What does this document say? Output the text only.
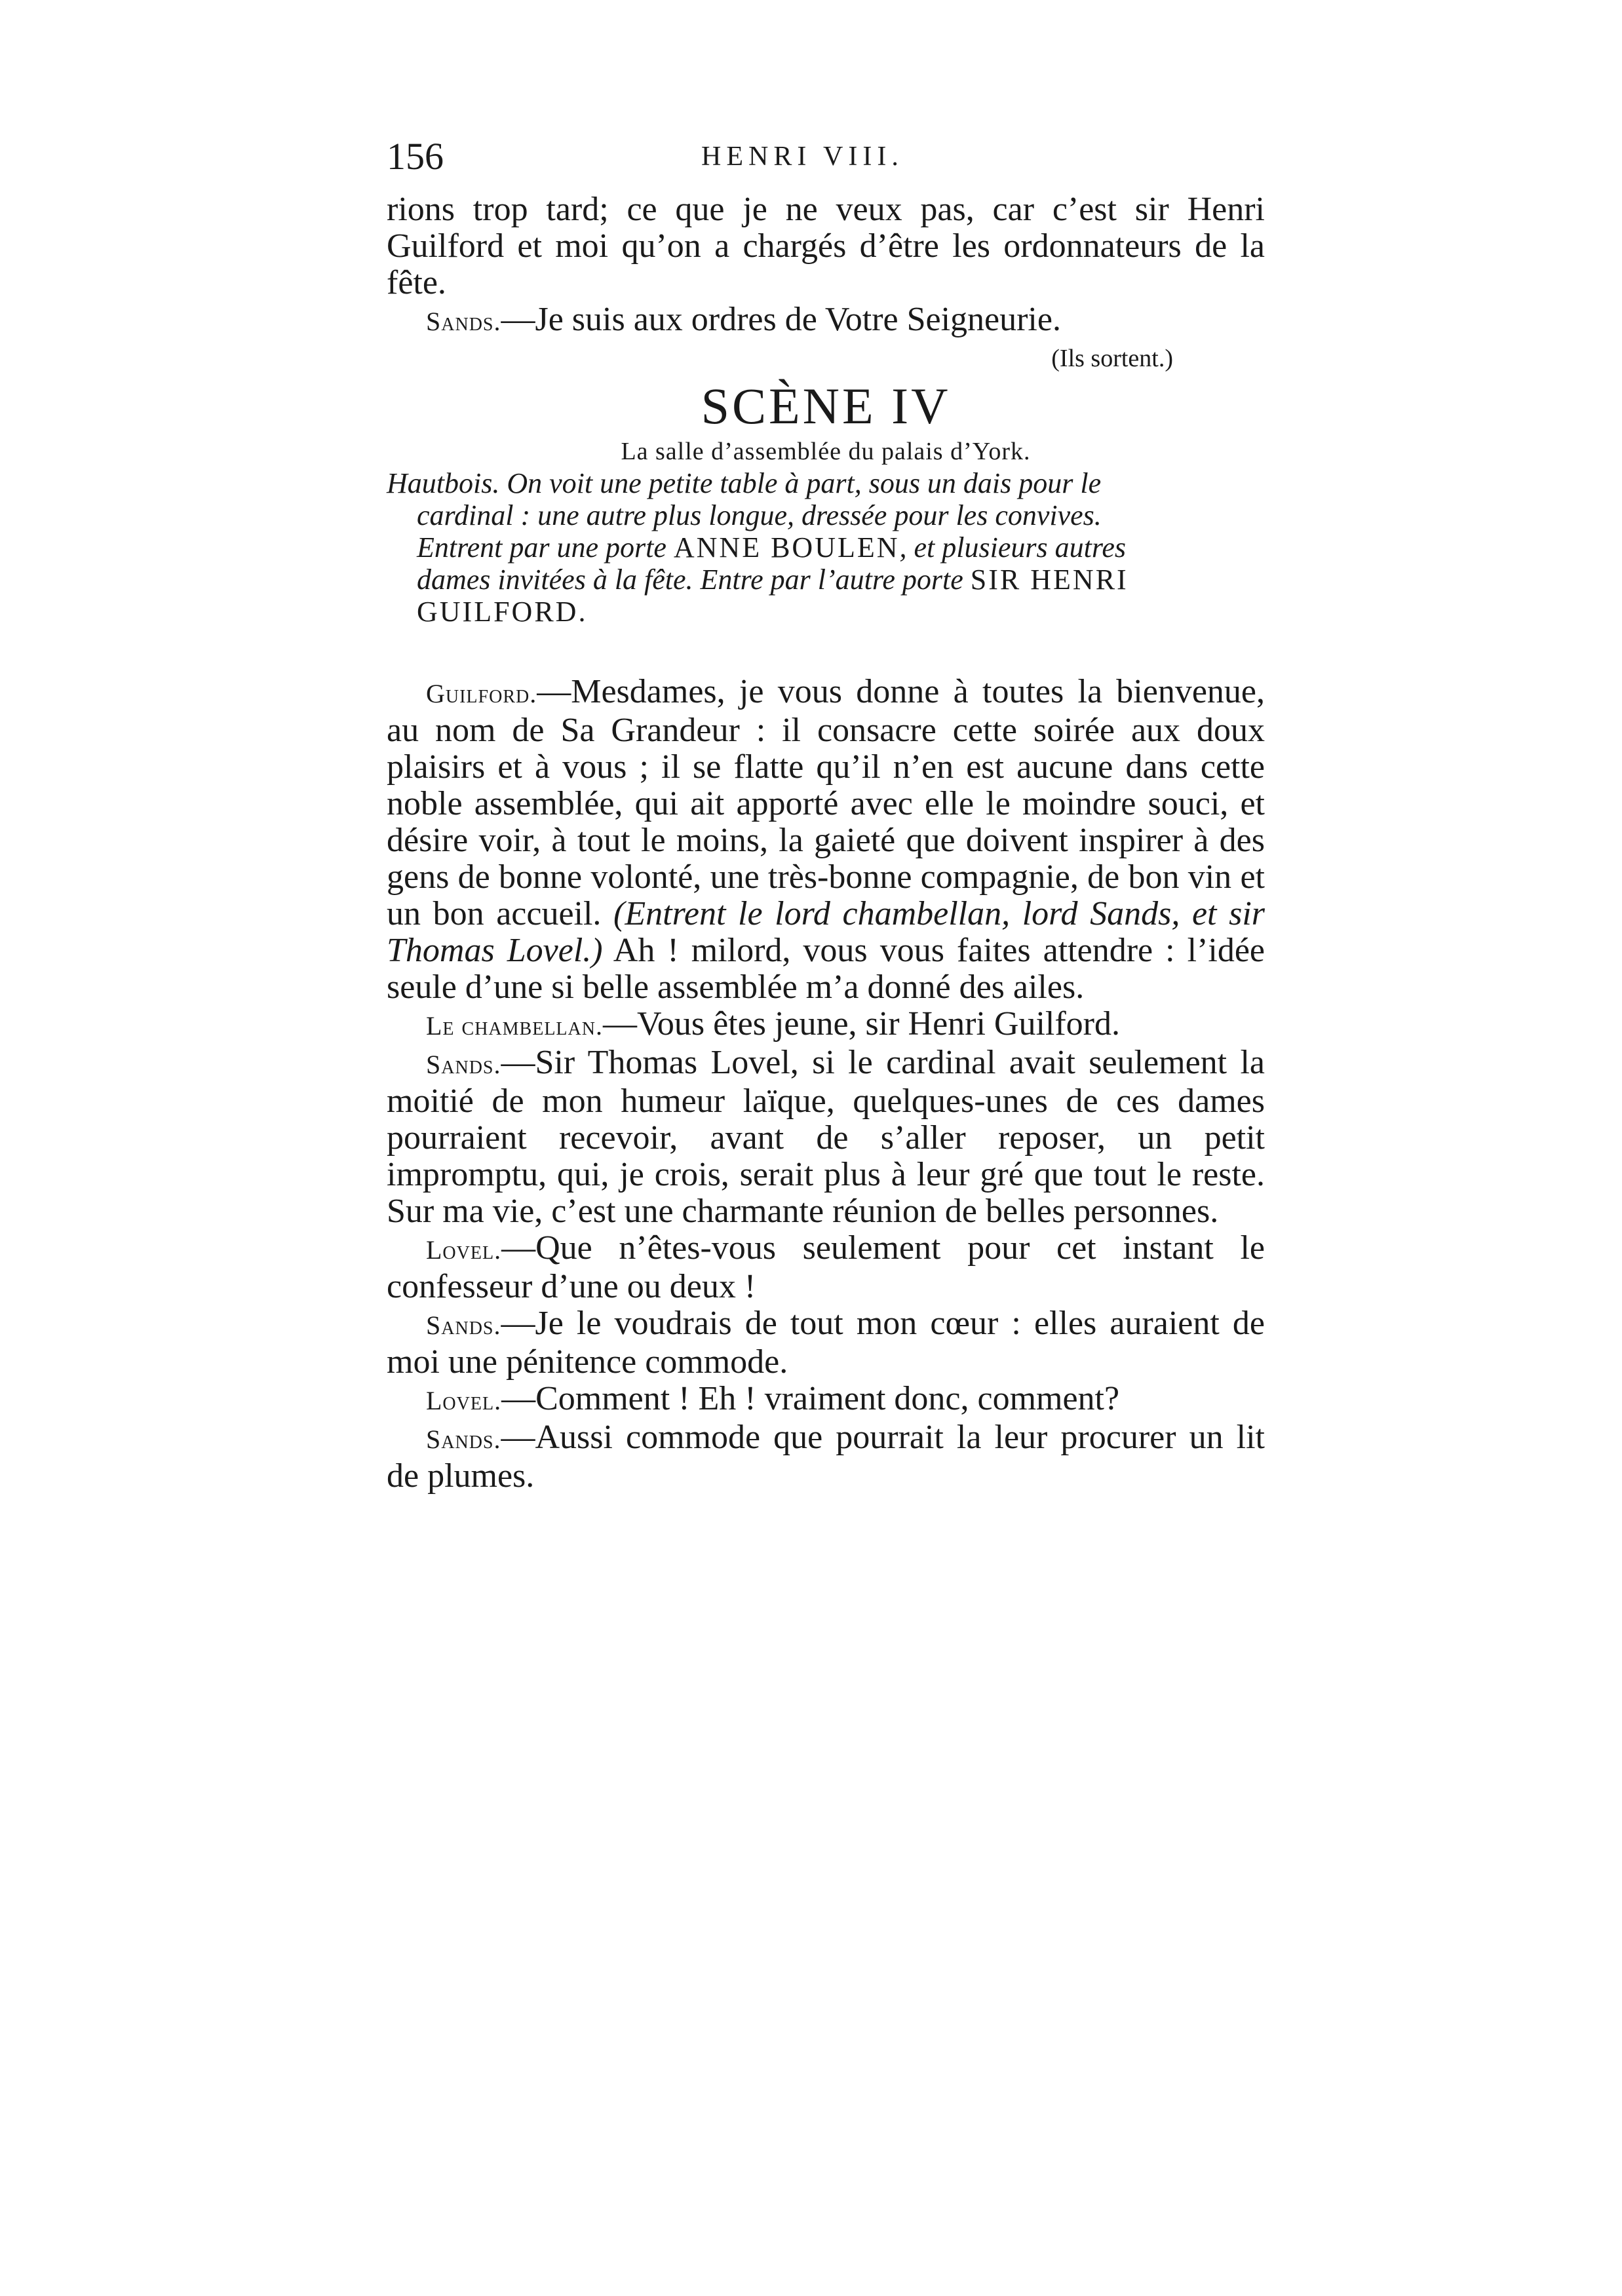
156	HENRI VIII.

rions trop tard; ce que je ne veux pas, car c’est sir Henri Guilford et moi qu’on a chargés d’être les ordonnateurs de la fête.

Sands.—Je suis aux ordres de Votre Seigneurie.

(Ils sortent.)

SCÈNE IV

La salle d’assemblée du palais d’York.

Hautbois. On voit une petite table à part, sous un dais pour le
cardinal : une autre plus longue, dressée pour les convives.
Entrent par une porte ANNE BOULEN, et plusieurs autres
dames invitées à la fête. Entre par l’autre porte SIR HENRI
GUILFORD.

Guilford.—Mesdames, je vous donne à toutes la bienvenue, au nom de Sa Grandeur : il consacre cette soirée aux doux plaisirs et à vous ; il se flatte qu’il n’en est aucune dans cette noble assemblée, qui ait apporté avec elle le moindre souci, et désire voir, à tout le moins, la gaieté que doivent inspirer à des gens de bonne volonté, une très-bonne compagnie, de bon vin et un bon accueil. (Entrent le lord chambellan, lord Sands, et sir Thomas Lovel.) Ah ! milord, vous vous faites attendre : l’idée seule d’une si belle assemblée m’a donné des ailes.

Le chambellan.—Vous êtes jeune, sir Henri Guilford.

Sands.—Sir Thomas Lovel, si le cardinal avait seulement la moitié de mon humeur laïque, quelques-unes de ces dames pourraient recevoir, avant de s’aller reposer, un petit impromptu, qui, je crois, serait plus à leur gré que tout le reste. Sur ma vie, c’est une charmante réunion de belles personnes.

Lovel.—Que n’êtes-vous seulement pour cet instant le confesseur d’une ou deux !

Sands.—Je le voudrais de tout mon cœur : elles auraient de moi une pénitence commode.

Lovel.—Comment ! Eh ! vraiment donc, comment?

Sands.—Aussi commode que pourrait la leur procurer un lit de plumes.
